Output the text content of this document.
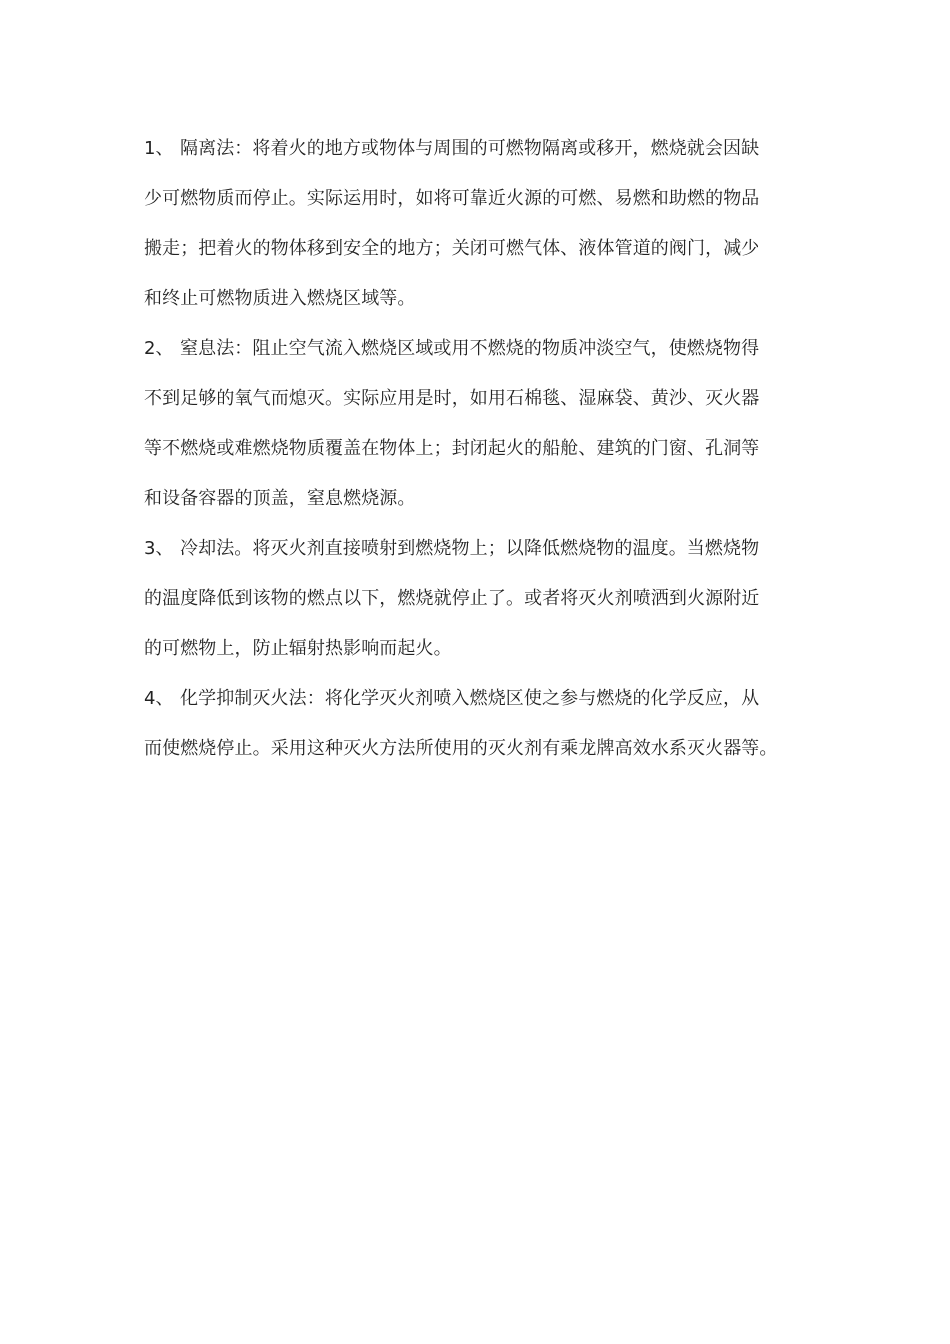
1、 隔离法：将着火的地方或物体与周围的可燃物隔离或移开，燃烧就会因缺
少可燃物质而停止。实际运用时，如将可靠近火源的可燃、易燃和助燃的物品
搬走；把着火的物体移到安全的地方；关闭可燃气体、液体管道的阀门，减少
和终止可燃物质进入燃烧区域等。
2、 窒息法：阻止空气流入燃烧区域或用不燃烧的物质冲淡空气，使燃烧物得
不到足够的氧气而熄灭。实际应用是时，如用石棉毯、湿麻袋、黄沙、灭火器
等不燃烧或难燃烧物质覆盖在物体上；封闭起火的船舱、建筑的门窗、孔洞等
和设备容器的顶盖，窒息燃烧源。
3、 冷却法。将灭火剂直接喷射到燃烧物上；以降低燃烧物的温度。当燃烧物
的温度降低到该物的燃点以下，燃烧就停止了。或者将灭火剂喷洒到火源附近
的可燃物上，防止辐射热影响而起火。
4、 化学抑制灭火法：将化学灭火剂喷入燃烧区使之参与燃烧的化学反应，从
而使燃烧停止。采用这种灭火方法所使用的灭火剂有乘龙牌高效水系灭火器等。
